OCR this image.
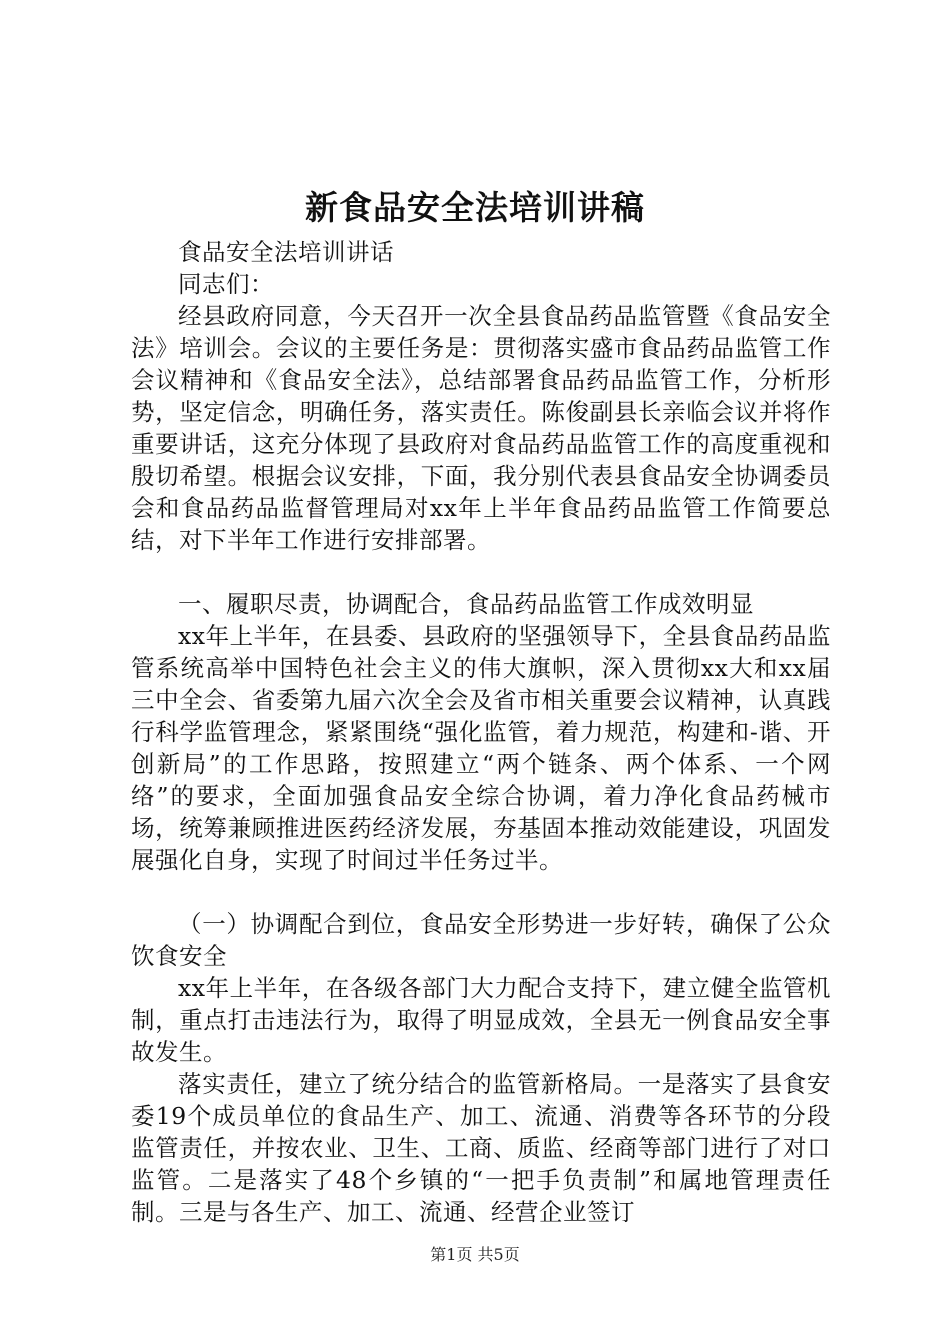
新食品安全法培训讲稿

食品安全法培训讲话

同志们：

经县政府同意，今天召开一次全县食品药品监管暨《食品安全法》培训会。会议的主要任务是：贯彻落实盛市食品药品监管工作会议精神和《食品安全法》，总结部署食品药品监管工作，分析形势，坚定信念，明确任务，落实责任。陈俊副县长亲临会议并将作重要讲话，这充分体现了县政府对食品药品监管工作的高度重视和殷切希望。根据会议安排，下面，我分别代表县食品安全协调委员会和食品药品监督管理局对xx年上半年食品药品监管工作简要总结，对下半年工作进行安排部署。

一、履职尽责，协调配合，食品药品监管工作成效明显

xx年上半年，在县委、县政府的坚强领导下，全县食品药品监管系统高举中国特色社会主义的伟大旗帜，深入贯彻xx大和xx届三中全会、省委第九届六次全会及省市相关重要会议精神，认真践行科学监管理念，紧紧围绕“强化监管，着力规范，构建和-谐、开创新局”的工作思路，按照建立“两个链条、两个体系、一个网络”的要求，全面加强食品安全综合协调，着力净化食品药械市场，统筹兼顾推进医药经济发展，夯基固本推动效能建设，巩固发展强化自身，实现了时间过半任务过半。

（一）协调配合到位，食品安全形势进一步好转，确保了公众饮食安全

xx年上半年，在各级各部门大力配合支持下，建立健全监管机制，重点打击违法行为，取得了明显成效，全县无一例食品安全事故发生。

落实责任，建立了统分结合的监管新格局。一是落实了县食安委19个成员单位的食品生产、加工、流通、消费等各环节的分段监管责任，并按农业、卫生、工商、质监、经商等部门进行了对口监管。二是落实了48个乡镇的“一把手负责制”和属地管理责任制。三是与各生产、加工、流通、经营企业签订

第1页 共5页
